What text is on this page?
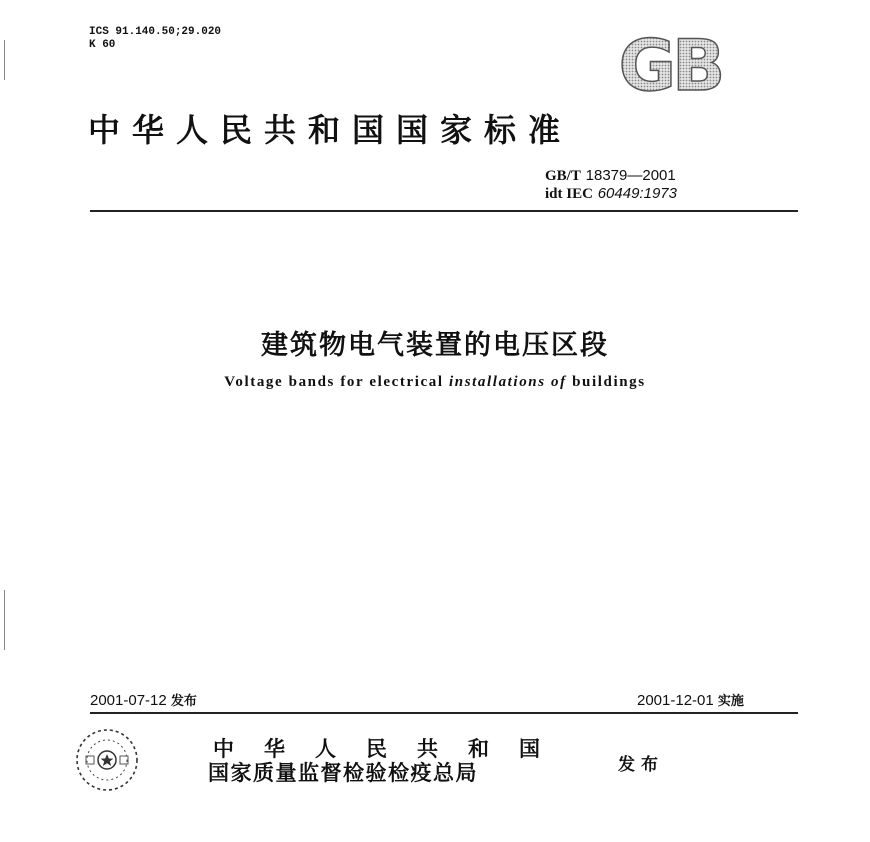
ICS 91.140.50;29.020
K 60	GB
中华人民共和国国家标准
GB/T 18379—2001
idt IEC 60449:1973
建筑物电气装置的电压区段
Voltage bands for electrical installations of buildings
2001-07-12 发布	2001-12-01 实施
中华人民共和国
国家质量监督检验检疫总局	发布
